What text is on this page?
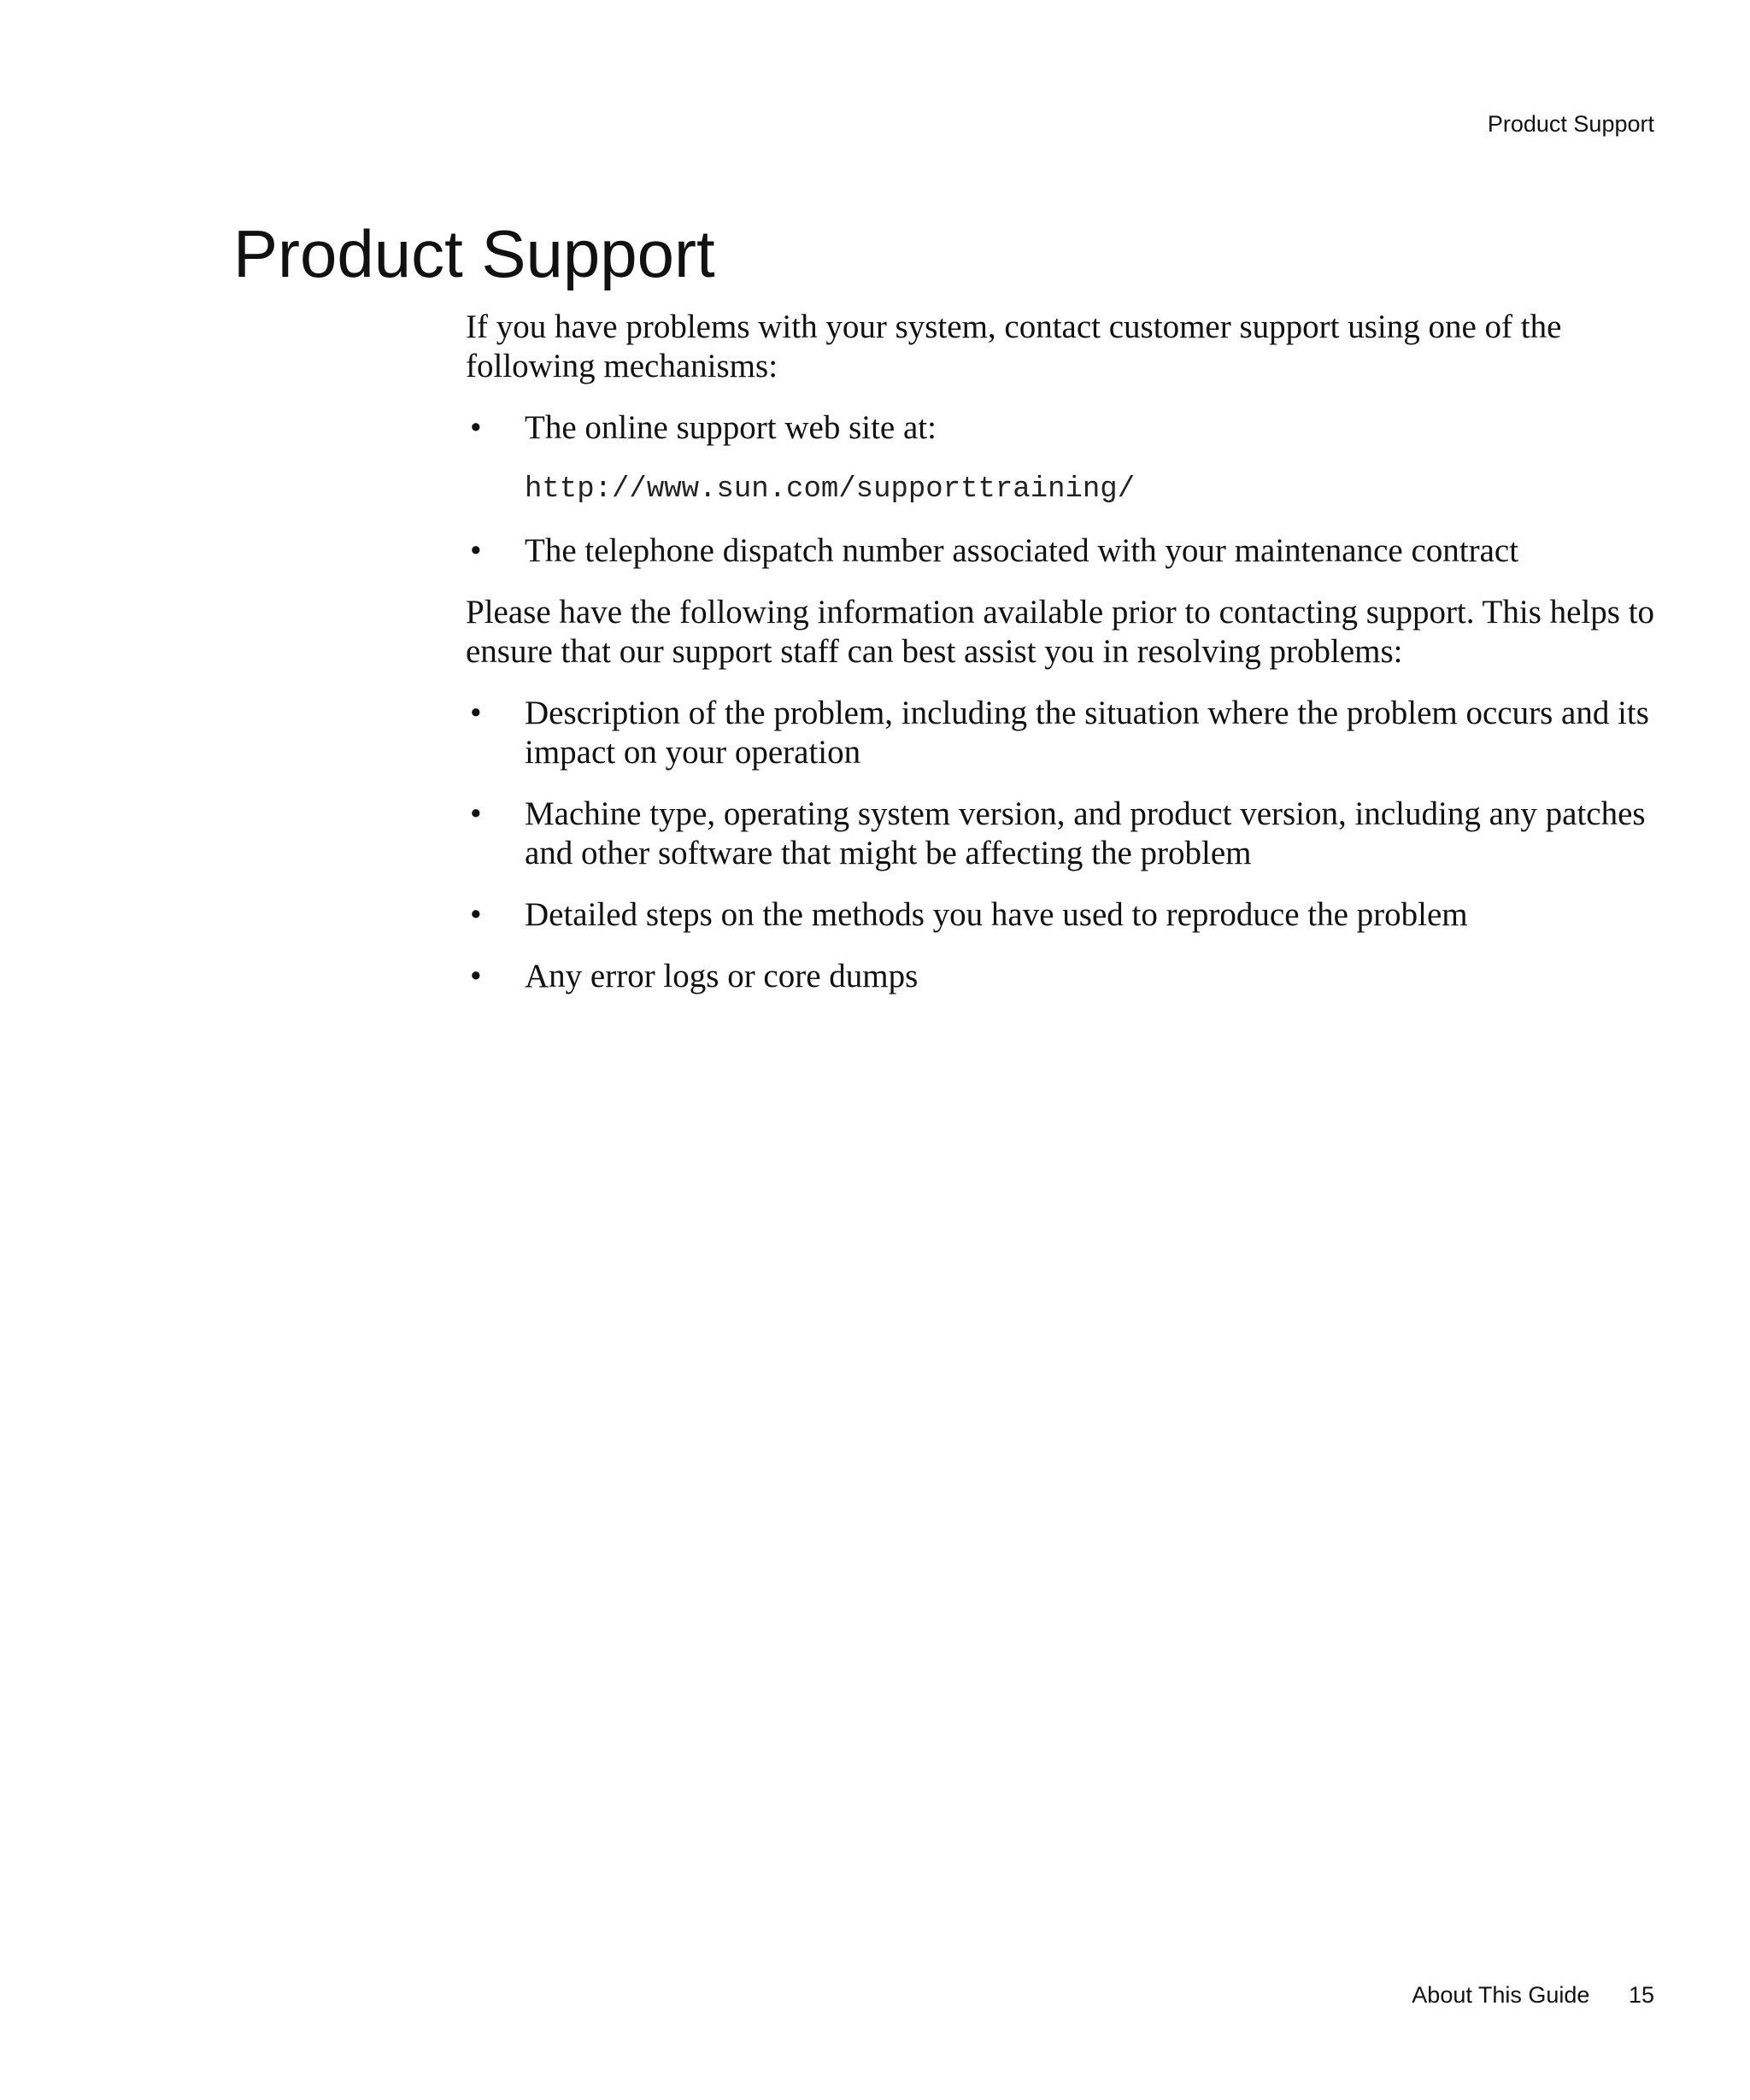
Product Support
Product Support

If you have problems with your system, contact customer support using one of the following mechanisms:

• The online support web site at:
http://www.sun.com/supporttraining/
• The telephone dispatch number associated with your maintenance contract

Please have the following information available prior to contacting support. This helps to ensure that our support staff can best assist you in resolving problems:

• Description of the problem, including the situation where the problem occurs and its impact on your operation
• Machine type, operating system version, and product version, including any patches and other software that might be affecting the problem
• Detailed steps on the methods you have used to reproduce the problem
• Any error logs or core dumps
About This Guide 15
